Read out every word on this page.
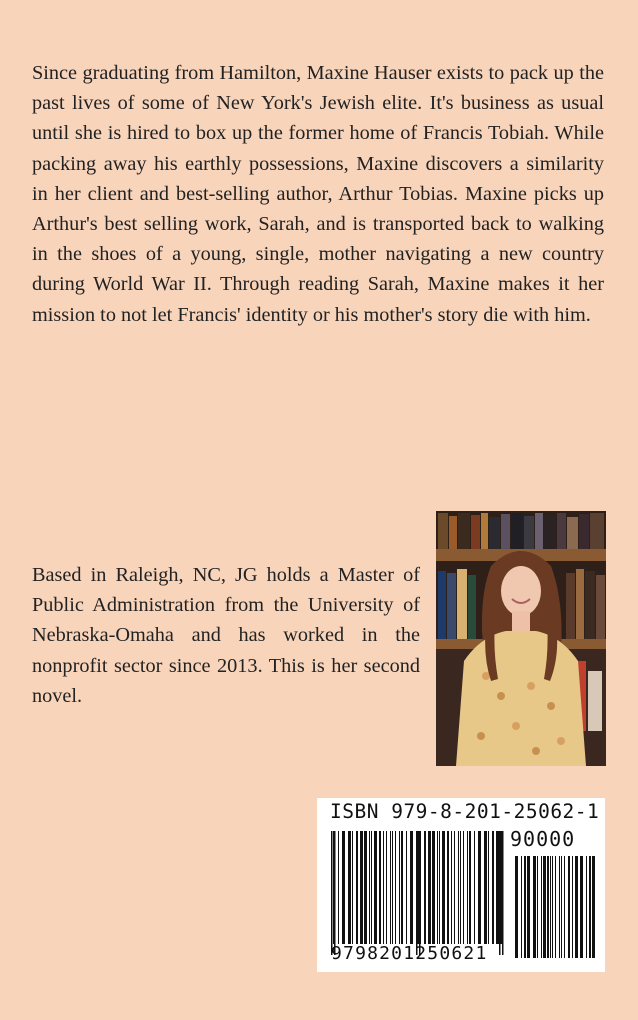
Since graduating from Hamilton, Maxine Hauser exists to pack up the past lives of some of New York's Jewish elite. It's business as usual until she is hired to box up the former home of Francis Tobiah. While packing away his earthly possessions, Maxine discovers a similarity in her client and best-selling author, Arthur Tobias. Maxine picks up Arthur's best selling work, Sarah, and is transported back to walking in the shoes of a young, single, mother navigating a new country during World War II. Through reading Sarah, Maxine makes it her mission to not let Francis' identity or his mother's story die with him.

Based in Raleigh, NC, JG holds a Master of Public Administration from the University of Nebraska-Omaha and has worked in the nonprofit sector since 2013. This is her second novel.

ISBN 979-8-201-25062-1
90000
9798201250621
